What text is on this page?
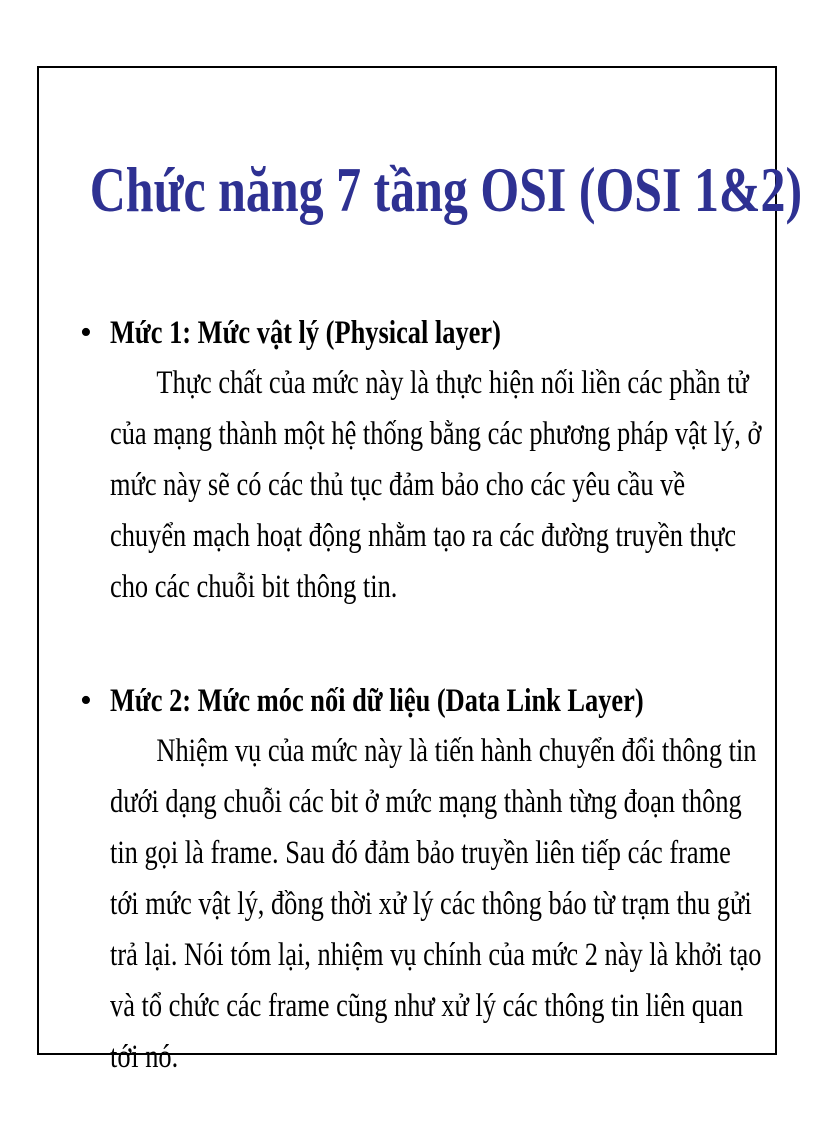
Chức năng 7 tầng OSI (OSI 1&2)
• Mức 1: Mức vật lý (Physical layer)

Thực chất của mức này là thực hiện nối liền các phần tử của mạng thành một hệ thống bằng các phương pháp vật lý, ở mức này sẽ có các thủ tục đảm bảo cho các yêu cầu về chuyển mạch hoạt động nhằm tạo ra các đường truyền thực cho các chuỗi bit thông tin.

• Mức 2: Mức móc nối dữ liệu (Data Link Layer)

Nhiệm vụ của mức này là tiến hành chuyển đổi thông tin dưới dạng chuỗi các bit ở mức mạng thành từng đoạn thông tin gọi là frame. Sau đó đảm bảo truyền liên tiếp các frame tới mức vật lý, đồng thời xử lý các thông báo từ trạm thu gửi trả lại. Nói tóm lại, nhiệm vụ chính của mức 2 này là khởi tạo và tổ chức các frame cũng như xử lý các thông tin liên quan tới nó.
